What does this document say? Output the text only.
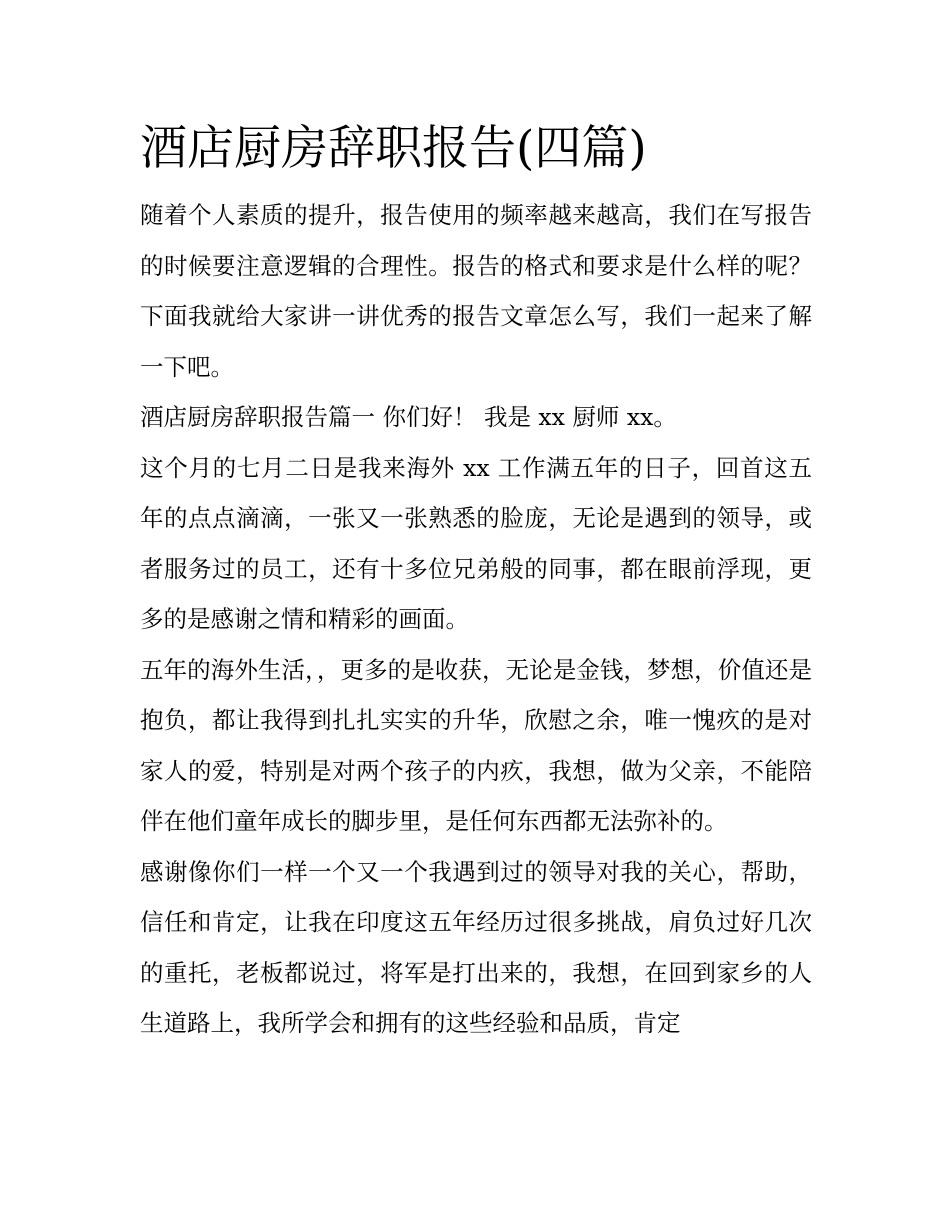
酒店厨房辞职报告(四篇)

随着个人素质的提升，报告使用的频率越来越高，我们在写报告的时候要注意逻辑的合理性。报告的格式和要求是什么样的呢？下面我就给大家讲一讲优秀的报告文章怎么写，我们一起来了解一下吧。

酒店厨房辞职报告篇一 你们好！ 我是 xx 厨师 xx。

这个月的七月二日是我来海外 xx 工作满五年的日子，回首这五年的点点滴滴，一张又一张熟悉的脸庞，无论是遇到的领导，或者服务过的员工，还有十多位兄弟般的同事，都在眼前浮现，更多的是感谢之情和精彩的画面。

五年的海外生活，，更多的是收获，无论是金钱，梦想，价值还是抱负，都让我得到扎扎实实的升华，欣慰之余，唯一愧疚的是对家人的爱，特别是对两个孩子的内疚，我想，做为父亲，不能陪伴在他们童年成长的脚步里，是任何东西都无法弥补的。

感谢像你们一样一个又一个我遇到过的领导对我的关心，帮助，信任和肯定，让我在印度这五年经历过很多挑战，肩负过好几次的重托，老板都说过，将军是打出来的，我想，在回到家乡的人生道路上，我所学会和拥有的这些经验和品质，肯定
